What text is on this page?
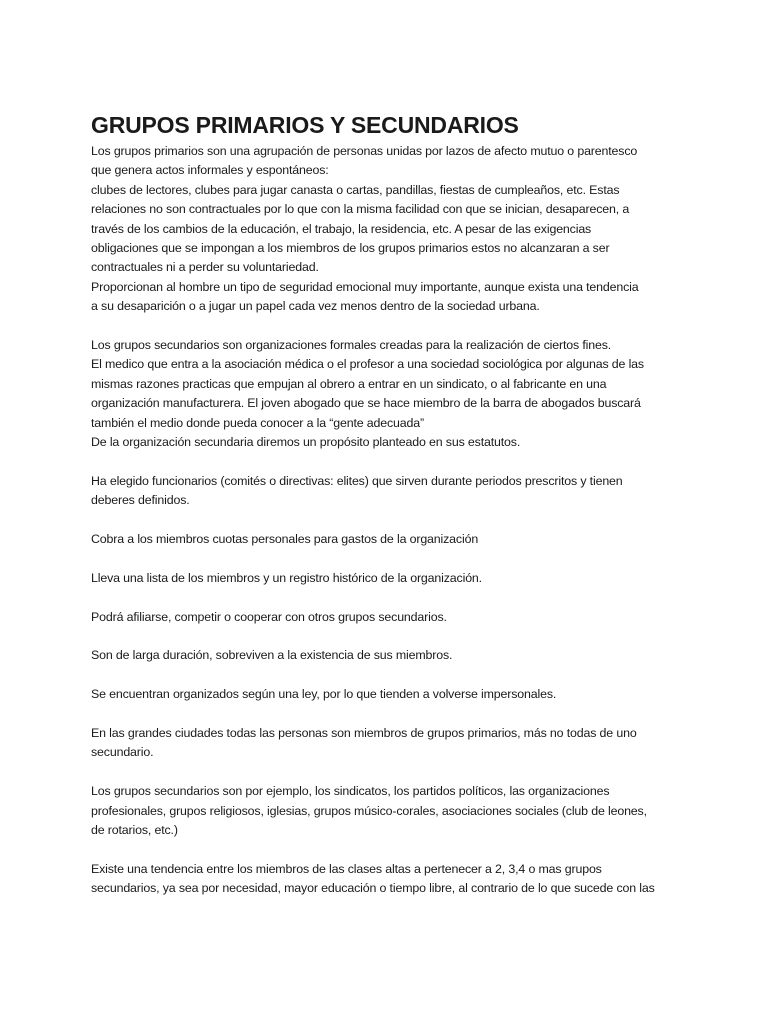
GRUPOS PRIMARIOS Y SECUNDARIOS
Los grupos primarios son una agrupación de personas unidas por lazos de afecto mutuo o parentesco
que genera actos informales y espontáneos:
clubes de lectores, clubes para jugar canasta o cartas, pandillas, fiestas de cumpleaños, etc. Estas
relaciones no son contractuales por lo que con la misma facilidad con que se inician, desaparecen, a
través de los cambios de la educación, el trabajo, la residencia, etc. A pesar de las exigencias
obligaciones que se impongan a los miembros de los grupos primarios estos no alcanzaran a ser
contractuales ni a perder su voluntariedad.
Proporcionan al hombre un tipo de seguridad emocional muy importante, aunque exista una tendencia
a su desaparición o a jugar un papel cada vez menos dentro de la sociedad urbana.
Los grupos secundarios son organizaciones formales creadas para la realización de ciertos fines.
El medico que entra a la asociación médica o el profesor a una sociedad sociológica por algunas de las
mismas razones practicas que empujan al obrero a entrar en un sindicato, o al fabricante en una
organización manufacturera. El joven abogado que se hace miembro de la barra de abogados buscará
también el medio donde pueda conocer a la “gente adecuada”
De la organización secundaria diremos un propósito planteado en sus estatutos.
Ha elegido funcionarios (comités o directivas: elites) que sirven durante periodos prescritos y tienen
deberes definidos.
Cobra a los miembros cuotas personales para gastos de la organización
Lleva una lista de los miembros y un registro histórico de la organización.
Podrá afiliarse, competir o cooperar con otros grupos secundarios.
Son de larga duración, sobreviven a la existencia de sus miembros.
Se encuentran organizados según una ley, por lo que tienden a volverse impersonales.
En las grandes ciudades todas las personas son miembros de grupos primarios, más no todas de uno
secundario.
Los grupos secundarios son por ejemplo, los sindicatos, los partidos políticos, las organizaciones
profesionales, grupos religiosos, iglesias, grupos músico-corales, asociaciones sociales (club de leones,
de rotarios, etc.)
Existe una tendencia entre los miembros de las clases altas a pertenecer a 2, 3,4 o mas grupos
secundarios, ya sea por necesidad, mayor educación o tiempo libre, al contrario de lo que sucede con las
